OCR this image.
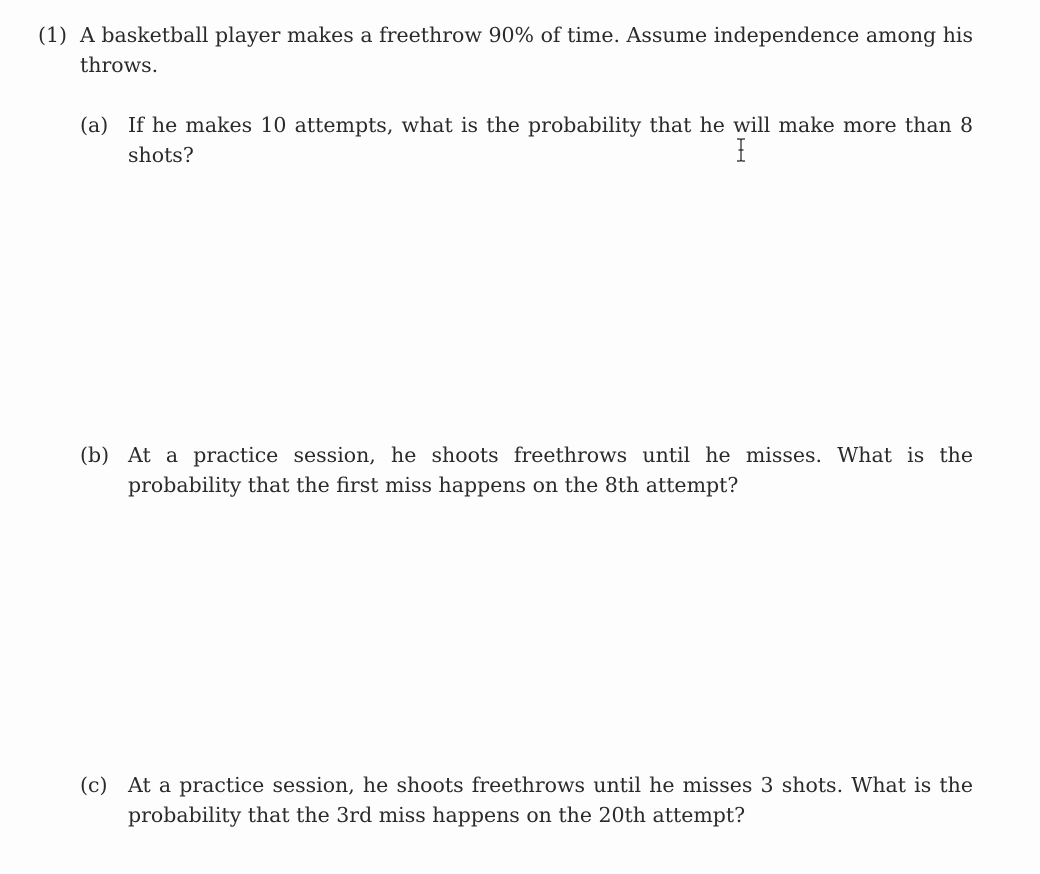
(1) A basketball player makes a freethrow 90% of time. Assume independence among his throws.
(a) If he makes 10 attempts, what is the probability that he will make more than 8 shots?
(b) At a practice session, he shoots freethrows until he misses. What is the probability that the first miss happens on the 8th attempt?
(c) At a practice session, he shoots freethrows until he misses 3 shots. What is the probability that the 3rd miss happens on the 20th attempt?
